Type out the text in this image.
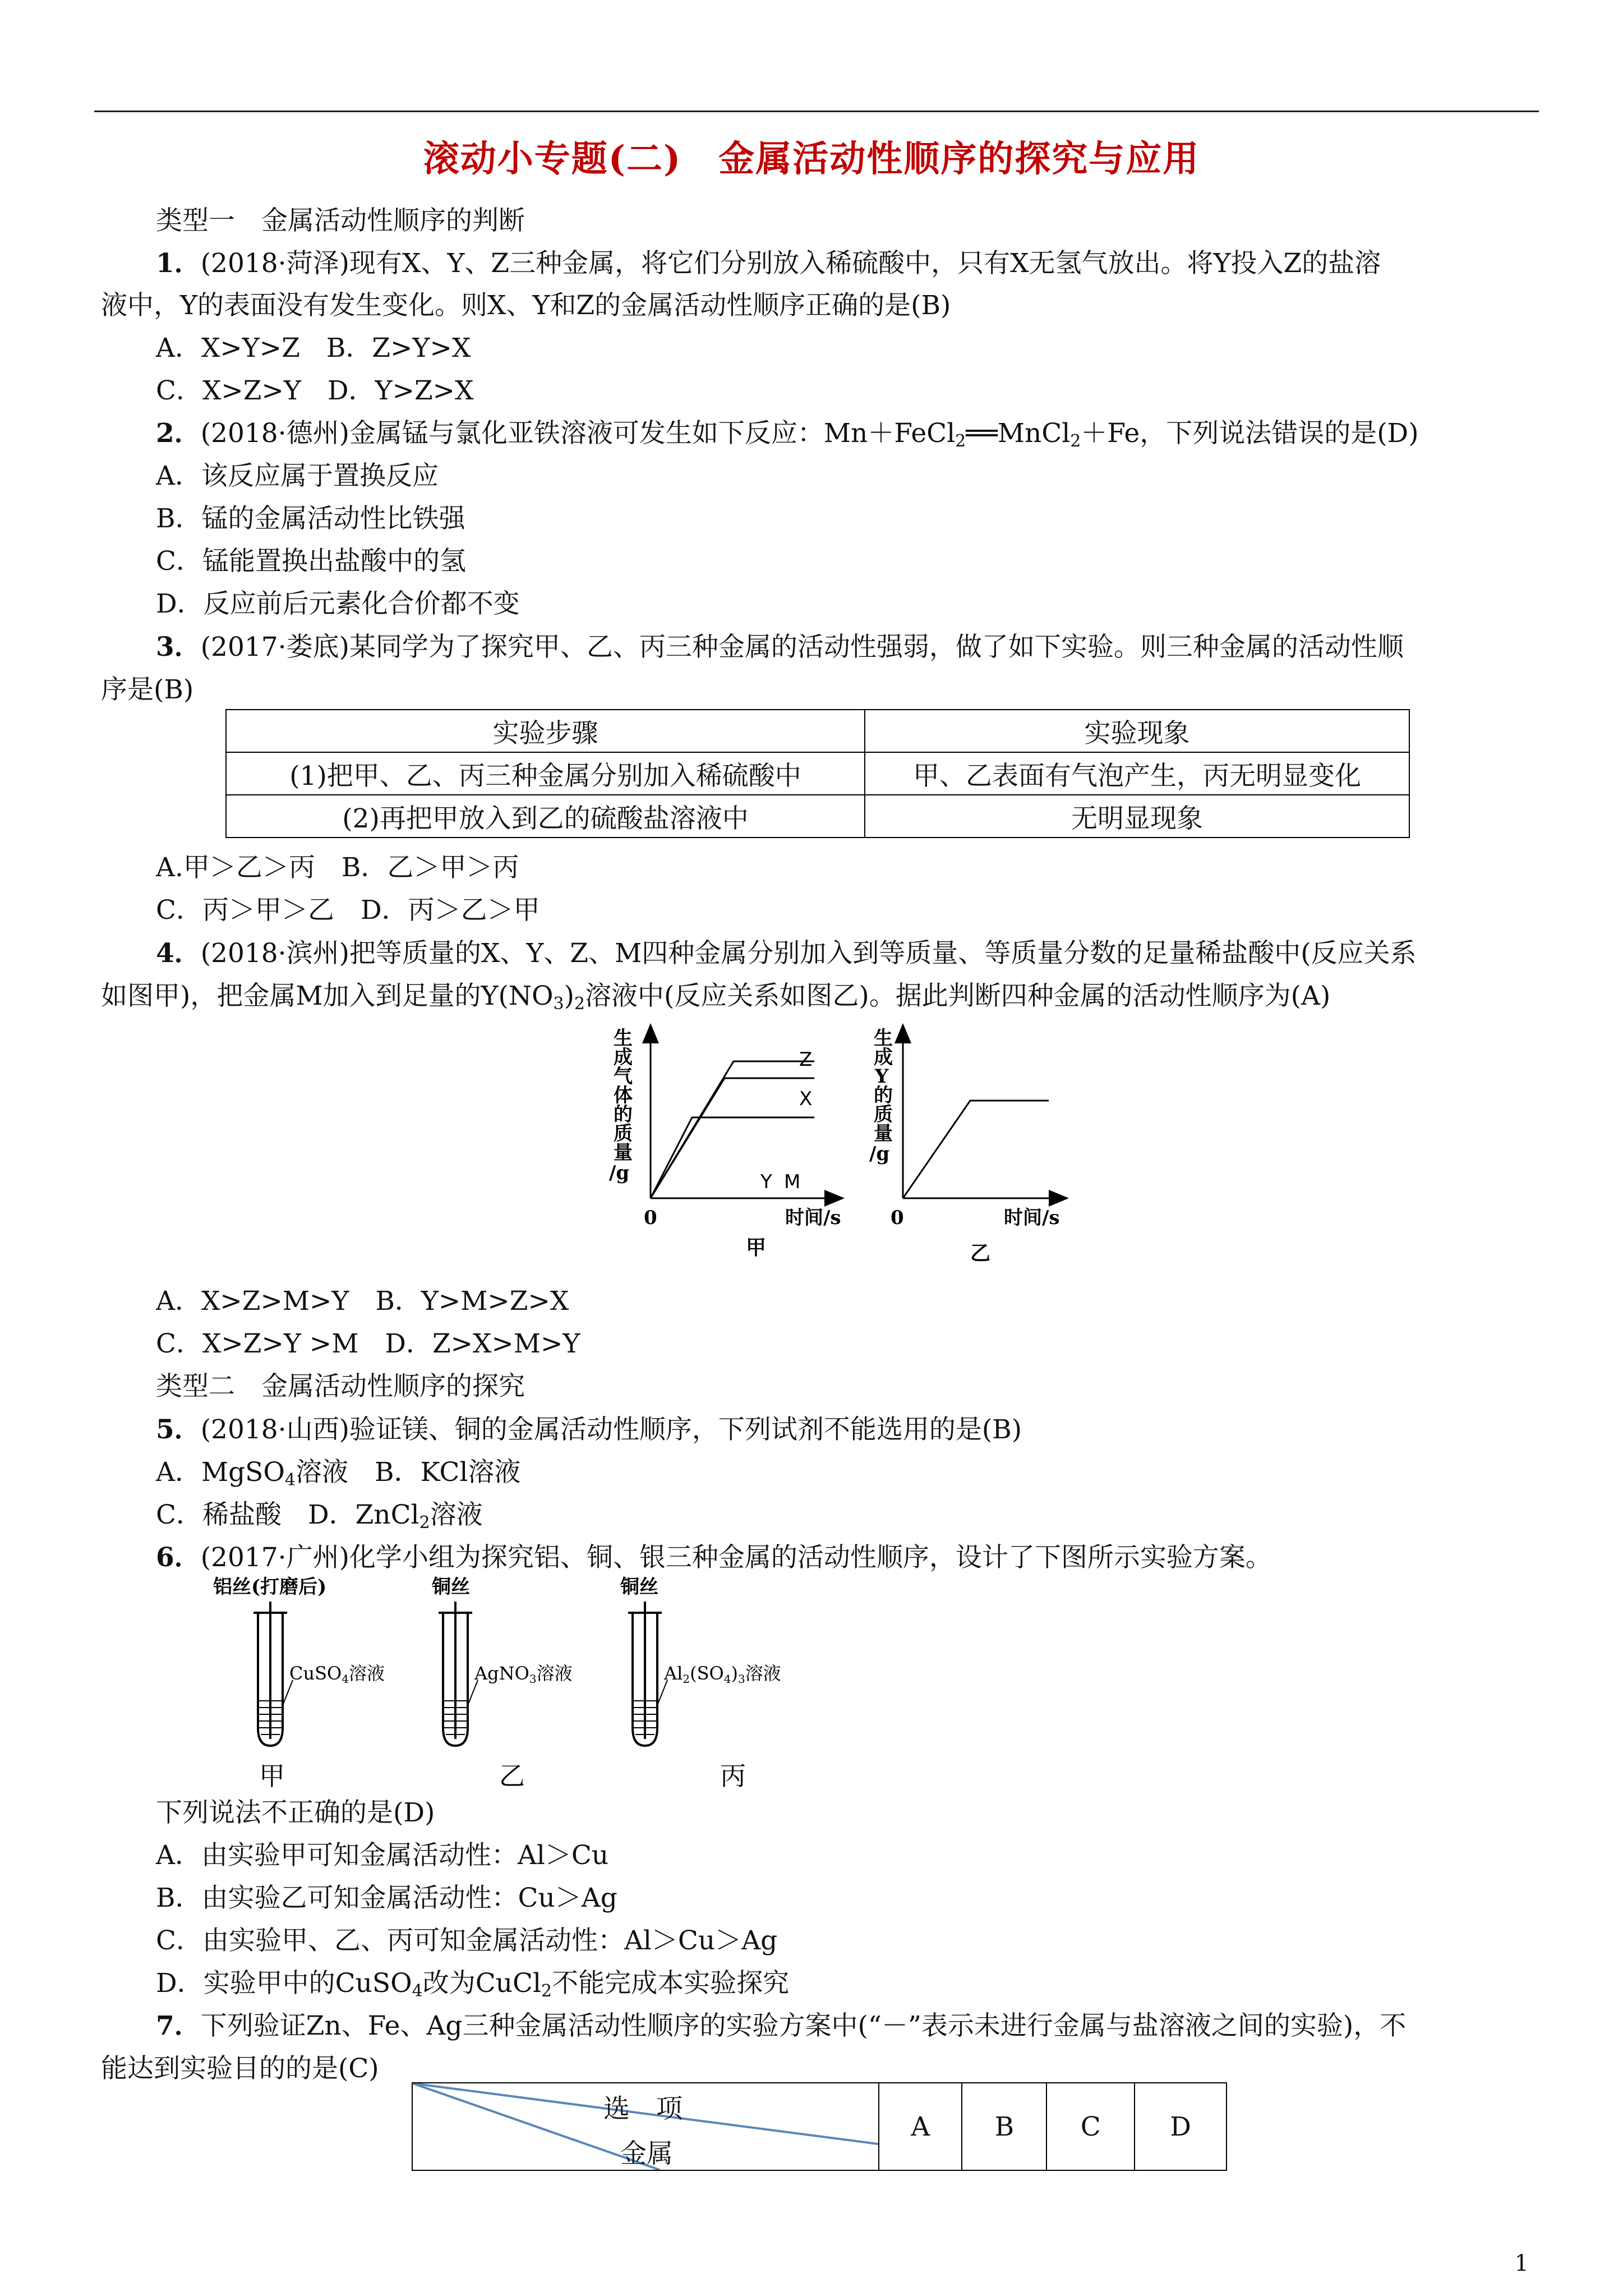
滚动小专题(二)　金属活动性顺序的探究与应用
类型一　金属活动性顺序的判断
1．(2018·菏泽)现有X、Y、Z三种金属，将它们分别放入稀硫酸中，只有X无氢气放出。将Y投入Z的盐溶
液中，Y的表面没有发生变化。则X、Y和Z的金属活动性顺序正确的是(B)
A．X>Y>Z　B．Z>Y>X
C．X>Z>Y　D．Y>Z>X
2．(2018·德州)金属锰与氯化亚铁溶液可发生如下反应：Mn＋FeCl$_2$══MnCl$_2$＋Fe，下列说法错误的是(D)
A．该反应属于置换反应
B．锰的金属活动性比铁强
C．锰能置换出盐酸中的氢
D．反应前后元素化合价都不变
3．(2017·娄底)某同学为了探究甲、乙、丙三种金属的活动性强弱，做了如下实验。则三种金属的活动性顺
序是(B)
实验步骤	实验现象
(1)把甲、乙、丙三种金属分别加入稀硫酸中	甲、乙表面有气泡产生，丙无明显变化
(2)再把甲放入到乙的硫酸盐溶液中	无明显现象
A.甲＞乙＞丙　B．乙＞甲＞丙
C．丙＞甲＞乙　D．丙＞乙＞甲
4．(2018·滨州)把等质量的X、Y、Z、M四种金属分别加入到等质量、等质量分数的足量稀盐酸中(反应关系
如图甲)，把金属M加入到足量的$Y(NO_3)_2$溶液中(反应关系如图乙)。据此判断四种金属的活动性顺序为(A)
生
成
气
体
的
质
量
/g
0	时间/s
Z
X
Y M
甲
生
成
Y
的
质
量
/g
0	时间/s
乙
A．X>Z>M>Y　B．Y>M>Z>X
C．X>Z>Y >M　D．Z>X>M>Y
类型二　金属活动性顺序的探究
5．(2018·山西)验证镁、铜的金属活动性顺序，下列试剂不能选用的是(B)
A．MgSO$_4$溶液　B．KCl溶液
C．稀盐酸　D．ZnCl$_2$溶液
6．(2017·广州)化学小组为探究铝、铜、银三种金属的活动性顺序，设计了下图所示实验方案。
铝丝(打磨后)	铜丝	铜丝
CuSO4溶液	AgNO3溶液	Al2(SO4)3溶液
甲	乙	丙
下列说法不正确的是(D)
A．由实验甲可知金属活动性：Al＞Cu
B．由实验乙可知金属活动性：Cu＞Ag
C．由实验甲、乙、丙可知金属活动性：Al＞Cu＞Ag
D．实验甲中的CuSO$_4$改为CuCl$_2$不能完成本实验探究
7．下列验证Zn、Fe、Ag三种金属活动性顺序的实验方案中(“－”表示未进行金属与盐溶液之间的实验)，不
能达到实验目的的是(C)
选　项
金属
	A	B	C	D
1
